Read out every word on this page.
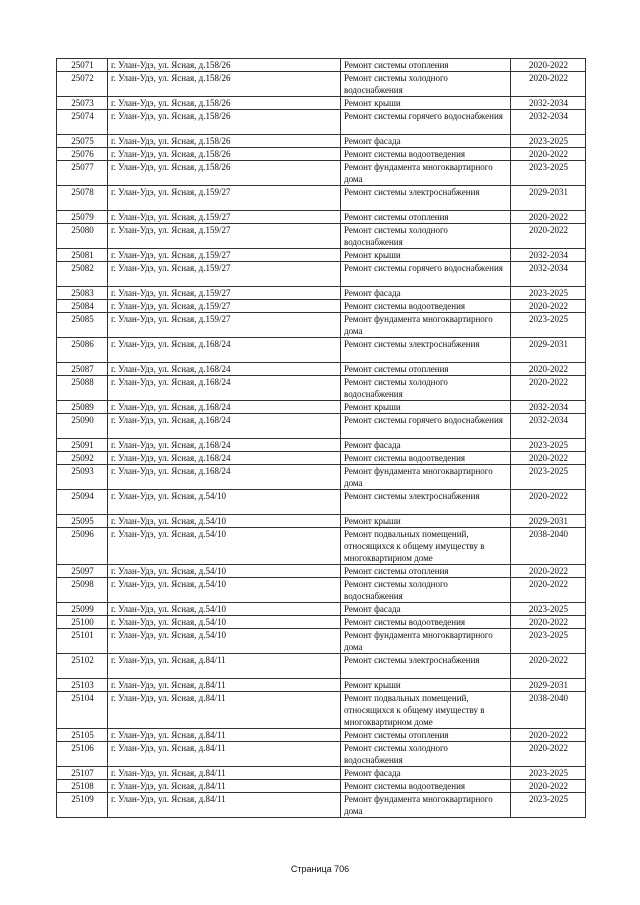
25071	г. Улан-Удэ, ул. Ясная, д.158/26	Ремонт системы отопления	2020-2022
25072	г. Улан-Удэ, ул. Ясная, д.158/26	Ремонт системы холодного водоснабжения	2020-2022
25073	г. Улан-Удэ, ул. Ясная, д.158/26	Ремонт крыши	2032-2034
25074	г. Улан-Удэ, ул. Ясная, д.158/26	Ремонт системы горячего водоснабжения	2032-2034
25075	г. Улан-Удэ, ул. Ясная, д.158/26	Ремонт фасада	2023-2025
25076	г. Улан-Удэ, ул. Ясная, д.158/26	Ремонт системы водоотведения	2020-2022
25077	г. Улан-Удэ, ул. Ясная, д.158/26	Ремонт фундамента многоквартирного дома	2023-2025
25078	г. Улан-Удэ, ул. Ясная, д.159/27	Ремонт системы электроснабжения	2029-2031
25079	г. Улан-Удэ, ул. Ясная, д.159/27	Ремонт системы отопления	2020-2022
25080	г. Улан-Удэ, ул. Ясная, д.159/27	Ремонт системы холодного водоснабжения	2020-2022
25081	г. Улан-Удэ, ул. Ясная, д.159/27	Ремонт крыши	2032-2034
25082	г. Улан-Удэ, ул. Ясная, д.159/27	Ремонт системы горячего водоснабжения	2032-2034
25083	г. Улан-Удэ, ул. Ясная, д.159/27	Ремонт фасада	2023-2025
25084	г. Улан-Удэ, ул. Ясная, д.159/27	Ремонт системы водоотведения	2020-2022
25085	г. Улан-Удэ, ул. Ясная, д.159/27	Ремонт фундамента многоквартирного дома	2023-2025
25086	г. Улан-Удэ, ул. Ясная, д.168/24	Ремонт системы электроснабжения	2029-2031
25087	г. Улан-Удэ, ул. Ясная, д.168/24	Ремонт системы отопления	2020-2022
25088	г. Улан-Удэ, ул. Ясная, д.168/24	Ремонт системы холодного водоснабжения	2020-2022
25089	г. Улан-Удэ, ул. Ясная, д.168/24	Ремонт крыши	2032-2034
25090	г. Улан-Удэ, ул. Ясная, д.168/24	Ремонт системы горячего водоснабжения	2032-2034
25091	г. Улан-Удэ, ул. Ясная, д.168/24	Ремонт фасада	2023-2025
25092	г. Улан-Удэ, ул. Ясная, д.168/24	Ремонт системы водоотведения	2020-2022
25093	г. Улан-Удэ, ул. Ясная, д.168/24	Ремонт фундамента многоквартирного дома	2023-2025
25094	г. Улан-Удэ, ул. Ясная, д.54/10	Ремонт системы электроснабжения	2020-2022
25095	г. Улан-Удэ, ул. Ясная, д.54/10	Ремонт крыши	2029-2031
25096	г. Улан-Удэ, ул. Ясная, д.54/10	Ремонт подвальных помещений, относящихся к общему имуществу в многоквартирном доме	2038-2040
25097	г. Улан-Удэ, ул. Ясная, д.54/10	Ремонт системы отопления	2020-2022
25098	г. Улан-Удэ, ул. Ясная, д.54/10	Ремонт системы холодного водоснабжения	2020-2022
25099	г. Улан-Удэ, ул. Ясная, д.54/10	Ремонт фасада	2023-2025
25100	г. Улан-Удэ, ул. Ясная, д.54/10	Ремонт системы водоотведения	2020-2022
25101	г. Улан-Удэ, ул. Ясная, д.54/10	Ремонт фундамента многоквартирного дома	2023-2025
25102	г. Улан-Удэ, ул. Ясная, д.84/11	Ремонт системы электроснабжения	2020-2022
25103	г. Улан-Удэ, ул. Ясная, д.84/11	Ремонт крыши	2029-2031
25104	г. Улан-Удэ, ул. Ясная, д.84/11	Ремонт подвальных помещений, относящихся к общему имуществу в многоквартирном доме	2038-2040
25105	г. Улан-Удэ, ул. Ясная, д.84/11	Ремонт системы отопления	2020-2022
25106	г. Улан-Удэ, ул. Ясная, д.84/11	Ремонт системы холодного водоснабжения	2020-2022
25107	г. Улан-Удэ, ул. Ясная, д.84/11	Ремонт фасада	2023-2025
25108	г. Улан-Удэ, ул. Ясная, д.84/11	Ремонт системы водоотведения	2020-2022
25109	г. Улан-Удэ, ул. Ясная, д.84/11	Ремонт фундамента многоквартирного дома	2023-2025
Страница 706
